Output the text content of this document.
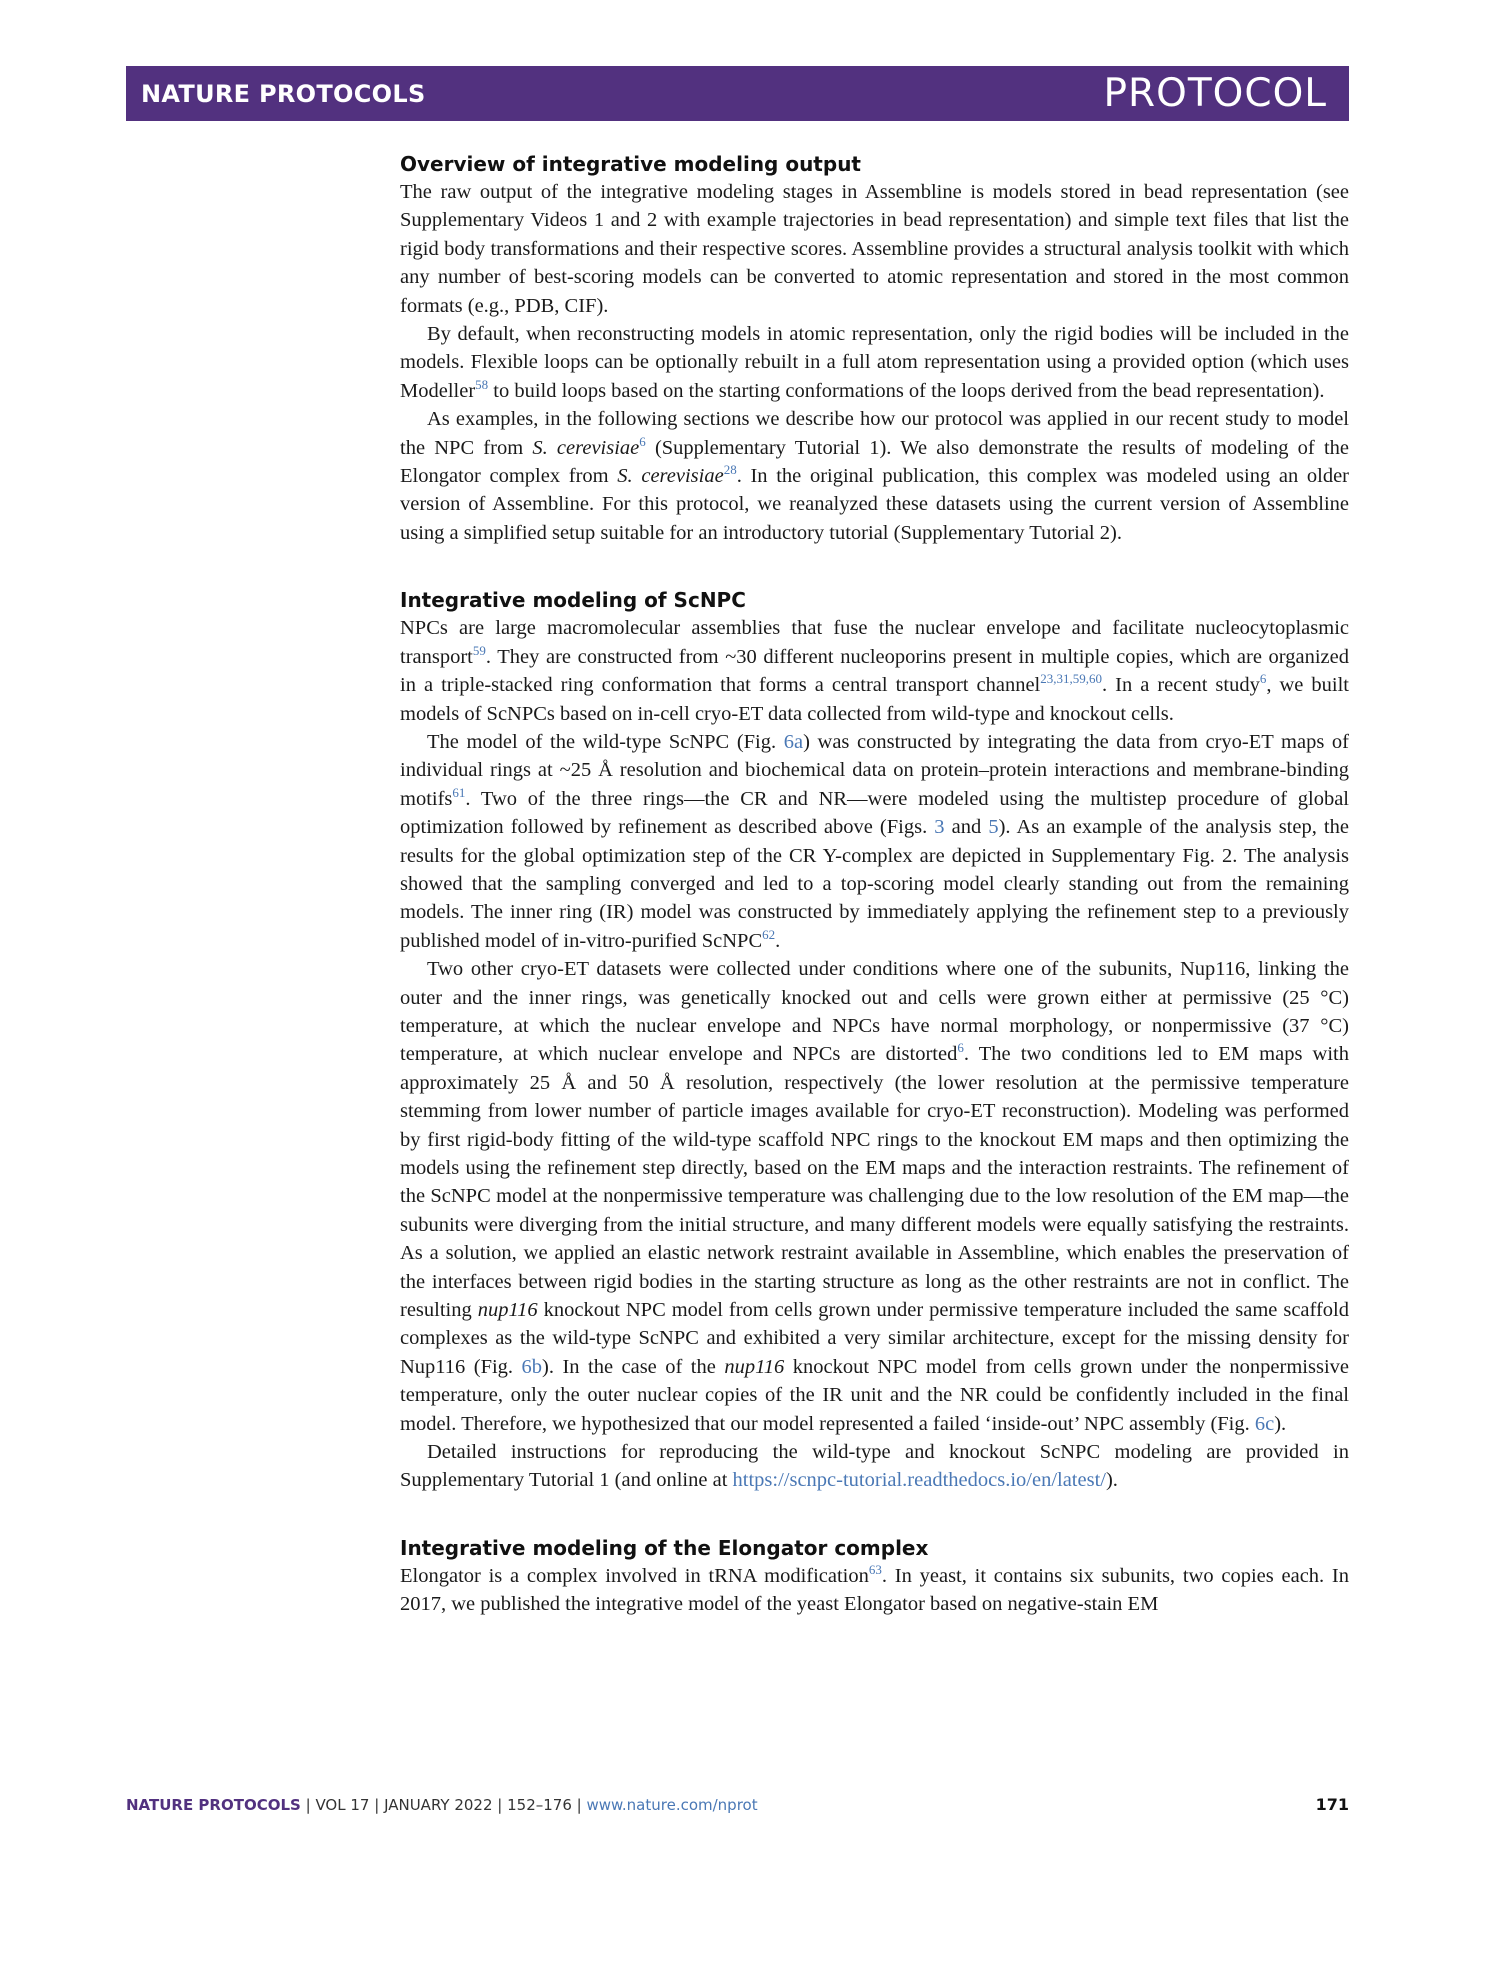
NATURE PROTOCOLS	PROTOCOL
Overview of integrative modeling output

The raw output of the integrative modeling stages in Assembline is models stored in bead representation (see Supplementary Videos 1 and 2 with example trajectories in bead representation) and simple text files that list the rigid body transformations and their respective scores. Assembline provides a structural analysis toolkit with which any number of best-scoring models can be converted to atomic representation and stored in the most common formats (e.g., PDB, CIF).

By default, when reconstructing models in atomic representation, only the rigid bodies will be included in the models. Flexible loops can be optionally rebuilt in a full atom representation using a provided option (which uses Modeller$^{58}$ to build loops based on the starting conformations of the loops derived from the bead representation).

As examples, in the following sections we describe how our protocol was applied in our recent study to model the NPC from S. cerevisiae$^6$ (Supplementary Tutorial 1). We also demonstrate the results of modeling of the Elongator complex from S. cerevisiae$^{28}$. In the original publication, this complex was modeled using an older version of Assembline. For this protocol, we reanalyzed these datasets using the current version of Assembline using a simplified setup suitable for an introductory tutorial (Supplementary Tutorial 2).

Integrative modeling of ScNPC

NPCs are large macromolecular assemblies that fuse the nuclear envelope and facilitate nucleocytoplasmic transport$^{59}$. They are constructed from ~30 different nucleoporins present in multiple copies, which are organized in a triple-stacked ring conformation that forms a central transport channel$^{23,31,59,60}$. In a recent study$^6$, we built models of ScNPCs based on in-cell cryo-ET data collected from wild-type and knockout cells.

The model of the wild-type ScNPC (Fig. 6a) was constructed by integrating the data from cryo-ET maps of individual rings at ~25 Å resolution and biochemical data on protein–protein interactions and membrane-binding motifs$^{61}$. Two of the three rings—the CR and NR—were modeled using the multistep procedure of global optimization followed by refinement as described above (Figs. 3 and 5). As an example of the analysis step, the results for the global optimization step of the CR Y-complex are depicted in Supplementary Fig. 2. The analysis showed that the sampling converged and led to a top-scoring model clearly standing out from the remaining models. The inner ring (IR) model was constructed by immediately applying the refinement step to a previously published model of in-vitro-purified ScNPC$^{62}$.

Two other cryo-ET datasets were collected under conditions where one of the subunits, Nup116, linking the outer and the inner rings, was genetically knocked out and cells were grown either at permissive (25 °C) temperature, at which the nuclear envelope and NPCs have normal morphology, or nonpermissive (37 °C) temperature, at which nuclear envelope and NPCs are distorted$^6$. The two conditions led to EM maps with approximately 25 Å and 50 Å resolution, respectively (the lower resolution at the permissive temperature stemming from lower number of particle images available for cryo-ET reconstruction). Modeling was performed by first rigid-body fitting of the wild-type scaffold NPC rings to the knockout EM maps and then optimizing the models using the refinement step directly, based on the EM maps and the interaction restraints. The refinement of the ScNPC model at the nonpermissive temperature was challenging due to the low resolution of the EM map—the subunits were diverging from the initial structure, and many different models were equally satisfying the restraints. As a solution, we applied an elastic network restraint available in Assembline, which enables the preservation of the interfaces between rigid bodies in the starting structure as long as the other restraints are not in conflict. The resulting nup116 knockout NPC model from cells grown under permissive temperature included the same scaffold complexes as the wild-type ScNPC and exhibited a very similar architecture, except for the missing density for Nup116 (Fig. 6b). In the case of the nup116 knockout NPC model from cells grown under the nonpermissive temperature, only the outer nuclear copies of the IR unit and the NR could be confidently included in the final model. Therefore, we hypothesized that our model represented a failed ‘inside-out’ NPC assembly (Fig. 6c).

Detailed instructions for reproducing the wild-type and knockout ScNPC modeling are provided in Supplementary Tutorial 1 (and online at https://scnpc-tutorial.readthedocs.io/en/latest/).

Integrative modeling of the Elongator complex

Elongator is a complex involved in tRNA modification$^{63}$. In yeast, it contains six subunits, two copies each. In 2017, we published the integrative model of the yeast Elongator based on negative-stain EM

NATURE PROTOCOLS | VOL 17 | JANUARY 2022 | 152–176 | www.nature.com/nprot	171
